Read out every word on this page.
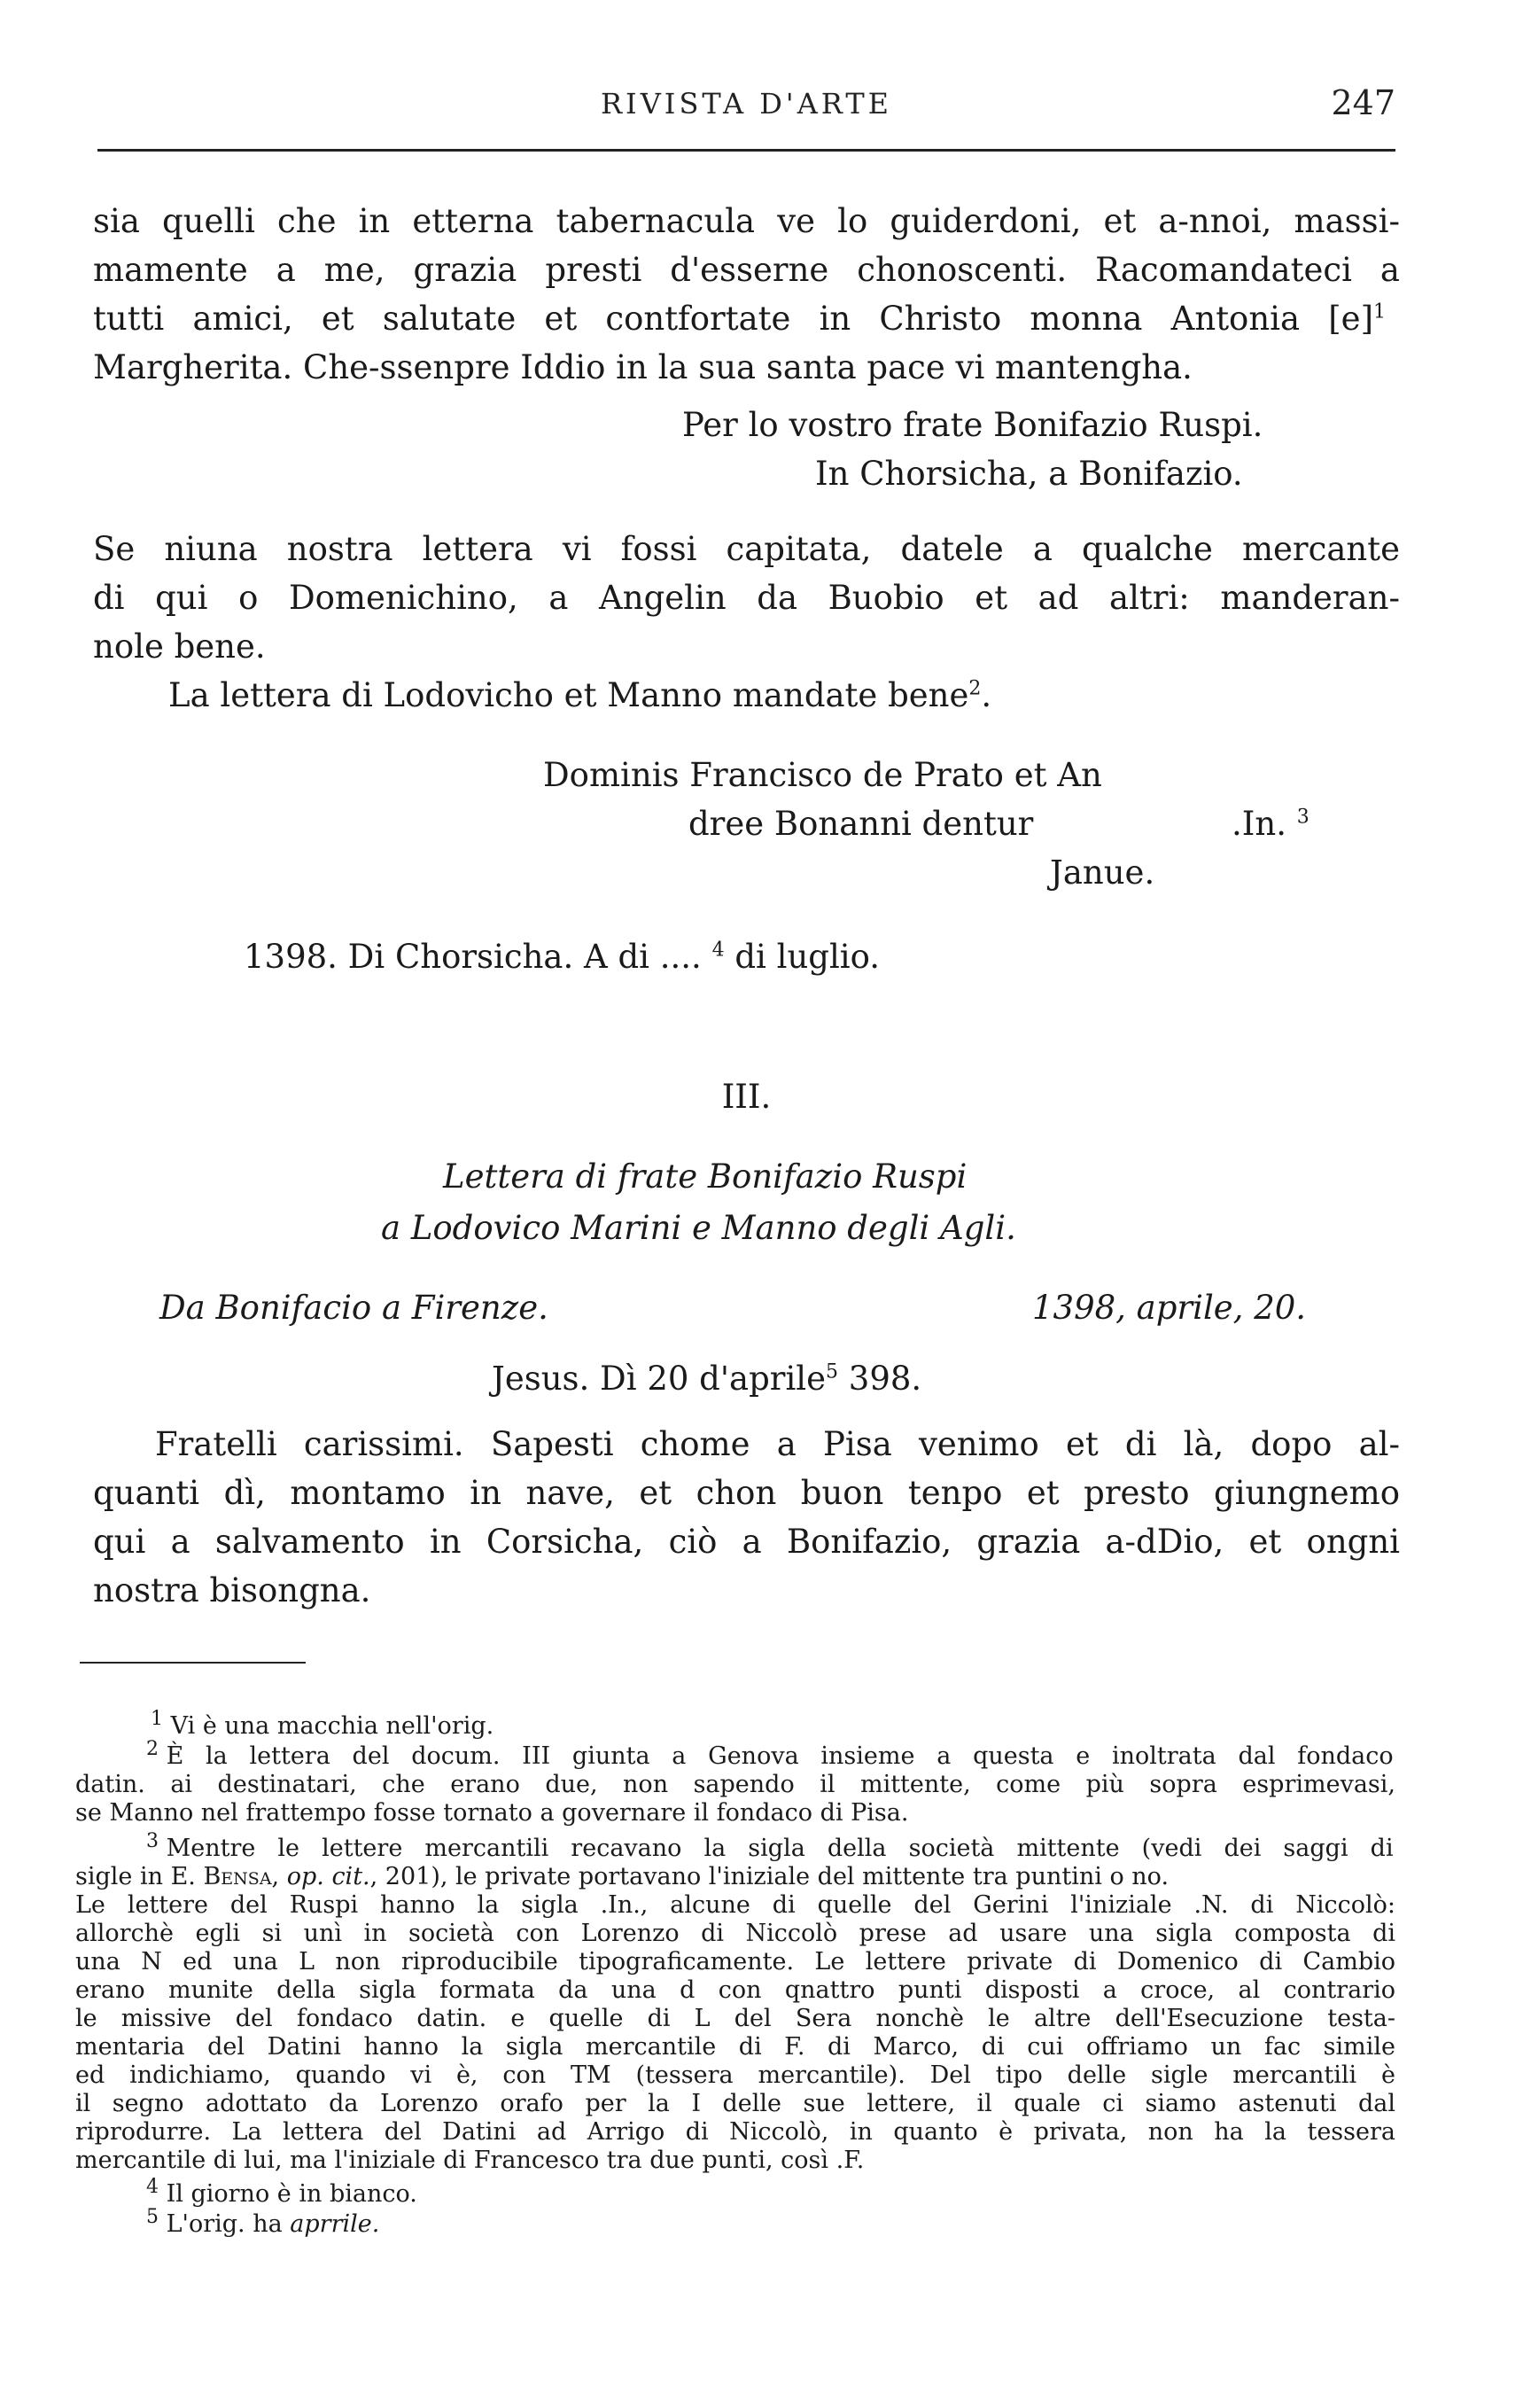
RIVISTA D'ARTE	247
sia quelli che in etterna tabernacula ve lo guiderdoni, et a-nnoi, massi-
mamente a me, grazia presti d'esserne chonoscenti. Racomandateci a
tutti amici, et salutate et contfortate in Christo monna Antonia $[e]^1$
Margherita. Che-ssenpre Iddio in la sua santa pace vi mantengha.
Per lo vostro frate Bonifazio Ruspi.
In Chorsicha, a Bonifazio.
Se niuna nostra lettera vi fossi capitata, datele a qualche mercante
di qui o Domenichino, a Angelin da Buobio et ad altri: manderan-
nole bene.
La lettera di Lodovicho et Manno mandate bene$^2$.
Dominis Francisco de Prato et An
dree Bonanni dentur	.In. $^3$
Janue.
1398. Di Chorsicha. A di .... $^4$ di luglio.
III.
Lettera di frate Bonifazio Ruspi
a Lodovico Marini e Manno degli Agli.
Da Bonifacio a Firenze.	1398, aprile, 20.
Jesus. Dì 20 d'aprile$^5$ 398.
Fratelli carissimi. Sapesti chome a Pisa venimo et di là, dopo al-
quanti dì, montamo in nave, et chon buon tenpo et presto giungnemo
qui a salvamento in Corsicha, ciò a Bonifazio, grazia a-dDio, et ongni
nostra bisongna.
$^1$ Vi è una macchia nell'orig.
$^2$ È la lettera del docum. III giunta a Genova insieme a questa e inoltrata dal fondaco
datin. ai destinatari, che erano due, non sapendo il mittente, come più sopra esprimevasi,
se Manno nel frattempo fosse tornato a governare il fondaco di Pisa.
$^3$ Mentre le lettere mercantili recavano la sigla della società mittente (vedi dei saggi di
sigle in E. Bensa, op. cit., 201), le private portavano l'iniziale del mittente tra puntini o no.
Le lettere del Ruspi hanno la sigla .In., alcune di quelle del Gerini l'iniziale .N. di Niccolò:
allorchè egli si unì in società con Lorenzo di Niccolò prese ad usare una sigla composta di
una N ed una L non riproducibile tipograficamente. Le lettere private di Domenico di Cambio
erano munite della sigla formata da una d con qnattro punti disposti a croce, al contrario
le missive del fondaco datin. e quelle di L del Sera nonchè le altre dell'Esecuzione testa-
mentaria del Datini hanno la sigla mercantile di F. di Marco, di cui offriamo un fac simile
ed indichiamo, quando vi è, con TM (tessera mercantile). Del tipo delle sigle mercantili è
il segno adottato da Lorenzo orafo per la I delle sue lettere, il quale ci siamo astenuti dal
riprodurre. La lettera del Datini ad Arrigo di Niccolò, in quanto è privata, non ha la tessera
mercantile di lui, ma l'iniziale di Francesco tra due punti, così .F.
$^4$ Il giorno è in bianco.
$^5$ L'orig. ha aprrile.
